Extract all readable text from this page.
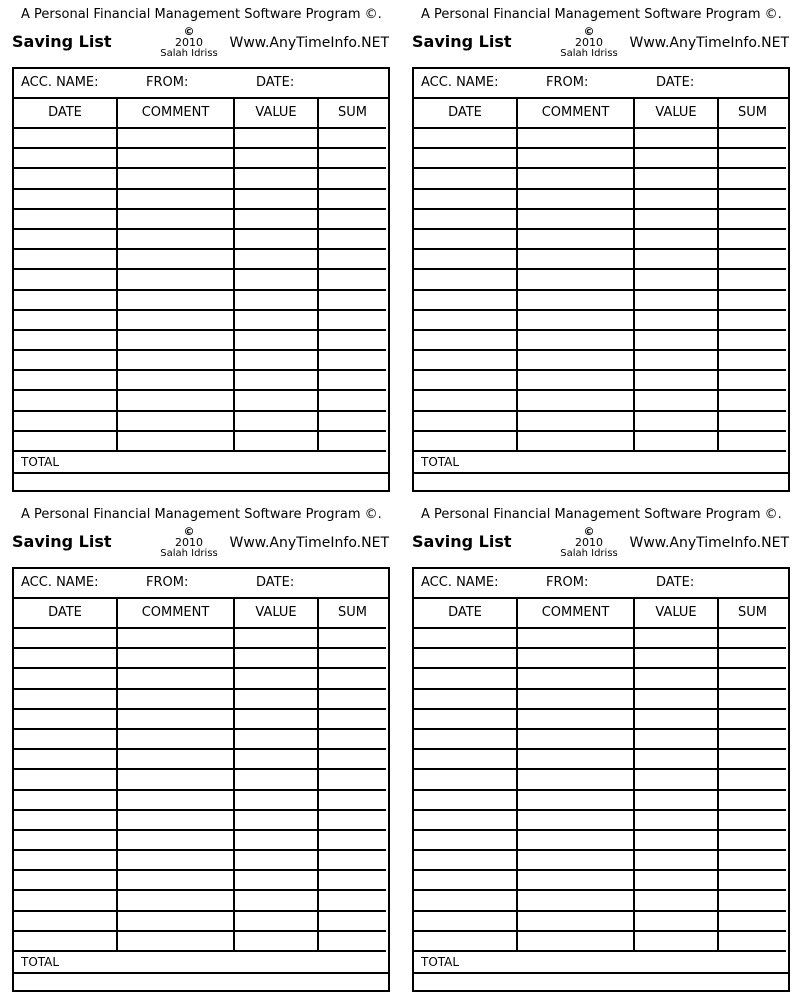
A Personal Financial Management Software Program ©.
Saving List
©
2010
Salah Idriss
Www.AnyTimeInfo.NET
ACC. NAME:	FROM:	DATE:
DATE	COMMENT	VALUE	SUM
TOTAL
A Personal Financial Management Software Program ©.
Saving List
©
2010
Salah Idriss
Www.AnyTimeInfo.NET
ACC. NAME:	FROM:	DATE:
DATE	COMMENT	VALUE	SUM
TOTAL
A Personal Financial Management Software Program ©.
Saving List
©
2010
Salah Idriss
Www.AnyTimeInfo.NET
ACC. NAME:	FROM:	DATE:
DATE	COMMENT	VALUE	SUM
TOTAL
A Personal Financial Management Software Program ©.
Saving List
©
2010
Salah Idriss
Www.AnyTimeInfo.NET
ACC. NAME:	FROM:	DATE:
DATE	COMMENT	VALUE	SUM
TOTAL
